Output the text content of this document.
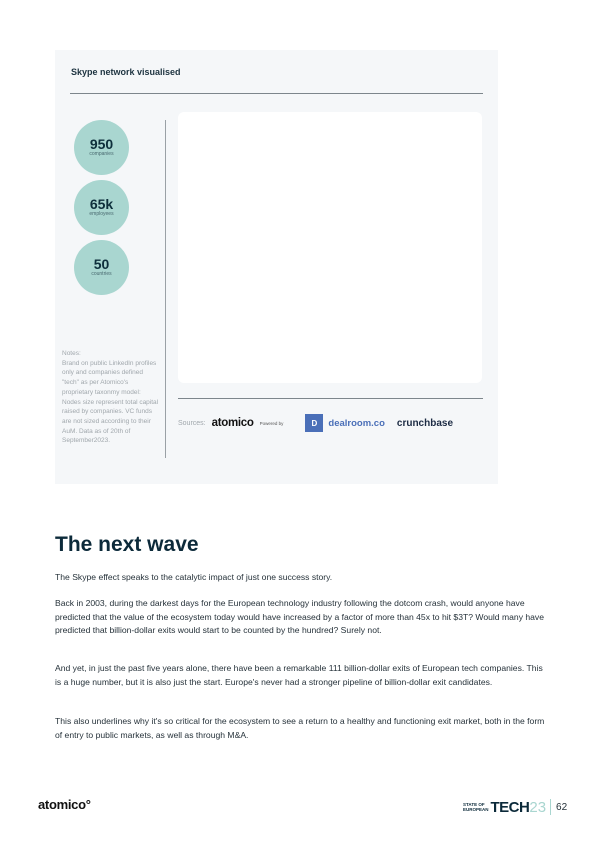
Skype network visualised
950
companies
65k
employees
50
countries
Notes:
Brand on public LinkedIn profiles only and companies defined "tech" as per Atomico's proprietary taxonmy model: Nodes size represent total capital raised by companies. VC funds are not sized according to their AuM. Data as of 20th of September2023.
Sources: atomico Powered by	D	dealroom.co crunchbase
The next wave

The Skype effect speaks to the catalytic impact of just one success story.

Back in 2003, during the darkest days for the European technology industry following the dotcom crash, would anyone have predicted that the value of the ecosystem today would have increased by a factor of more than 45x to hit $3T? Would many have predicted that billion-dollar exits would start to be counted by the hundred? Surely not.

And yet, in just the past five years alone, there have been a remarkable 111 billion-dollar exits of European tech companies. This is a huge number, but it is also just the start. Europe's never had a stronger pipeline of billion-dollar exit candidates.

This also underlines why it's so critical for the ecosystem to see a return to a healthy and functioning exit market, both in the form of entry to public markets, as well as through M&A.

atomico°	STATE OF
EUROPEAN TECH 23 62
